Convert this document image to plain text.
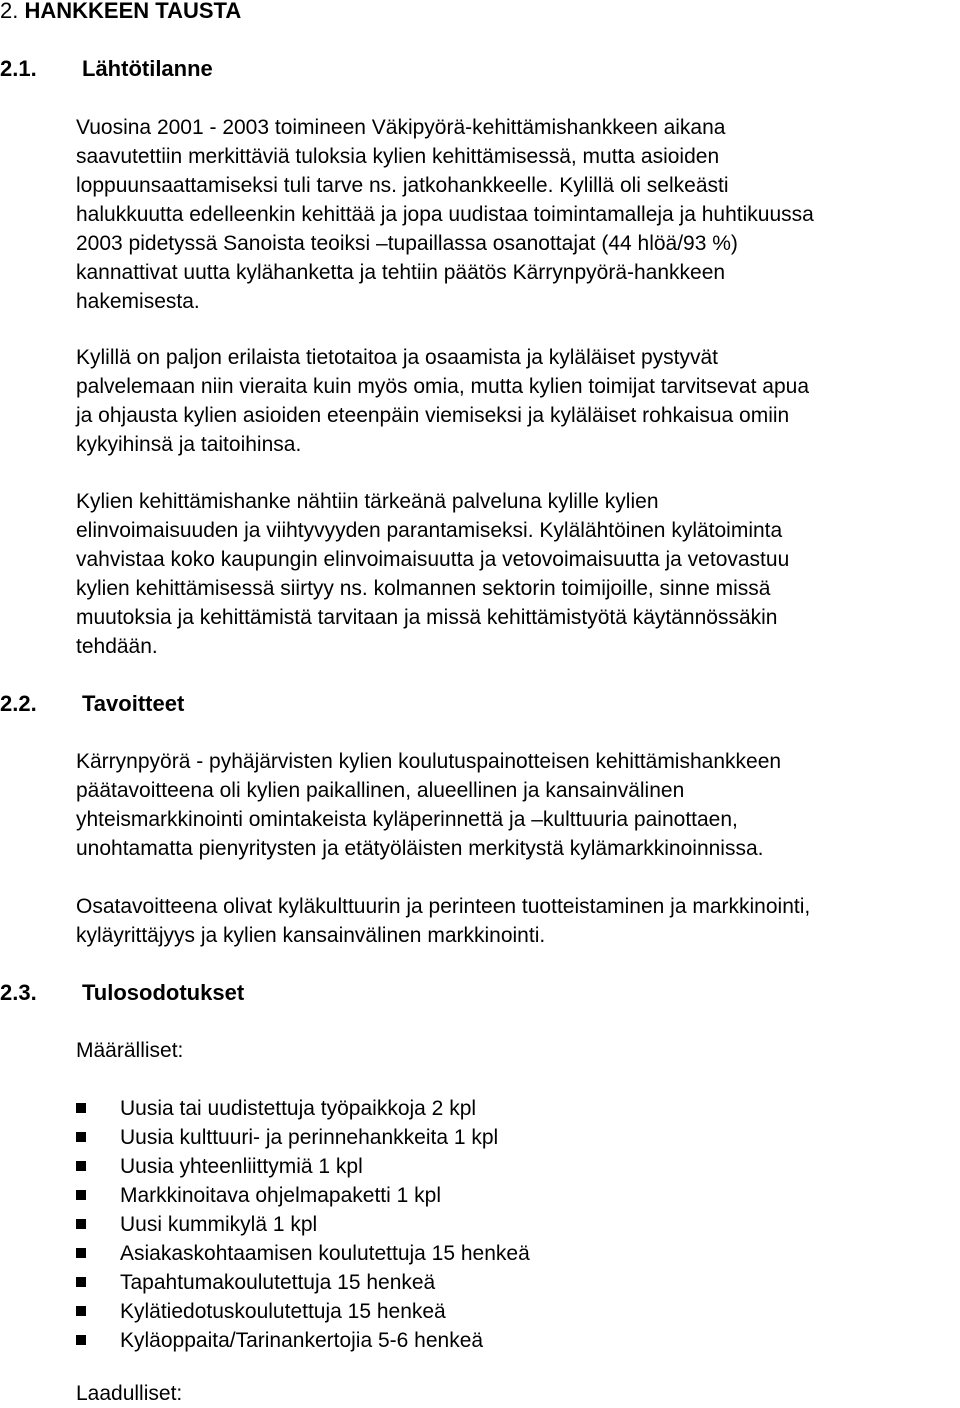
2. HANKKEEN TAUSTA
2.1. Lähtötilanne
Vuosina 2001 - 2003 toimineen Väkipyörä-kehittämishankkeen aikana
saavutettiin merkittäviä tuloksia kylien kehittämisessä, mutta asioiden
loppuunsaattamiseksi tuli tarve ns. jatkohankkeelle. Kylillä oli selkeästi
halukkuutta edelleenkin kehittää ja jopa uudistaa toimintamalleja ja huhtikuussa
2003 pidetyssä Sanoista teoiksi –tupaillassa osanottajat (44 hlöä/93 %)
kannattivat uutta kylähanketta ja tehtiin päätös Kärrynpyörä-hankkeen
hakemisesta.
Kylillä on paljon erilaista tietotaitoa ja osaamista ja kyläläiset pystyvät
palvelemaan niin vieraita kuin myös omia, mutta kylien toimijat tarvitsevat apua
ja ohjausta kylien asioiden eteenpäin viemiseksi ja kyläläiset rohkaisua omiin
kykyihinsä ja taitoihinsa.
Kylien kehittämishanke nähtiin tärkeänä palveluna kylille kylien
elinvoimaisuuden ja viihtyvyyden parantamiseksi. Kylälähtöinen kylätoiminta
vahvistaa koko kaupungin elinvoimaisuutta ja vetovoimaisuutta ja vetovastuu
kylien kehittämisessä siirtyy ns. kolmannen sektorin toimijoille, sinne missä
muutoksia ja kehittämistä tarvitaan ja missä kehittämistyötä käytännössäkin
tehdään.
2.2. Tavoitteet
Kärrynpyörä - pyhäjärvisten kylien koulutuspainotteisen kehittämishankkeen
päätavoitteena oli kylien paikallinen, alueellinen ja kansainvälinen
yhteismarkkinointi omintakeista kyläperinnettä ja –kulttuuria painottaen,
unohtamatta pienyritysten ja etätyöläisten merkitystä kylämarkkinoinnissa.
Osatavoitteena olivat kyläkulttuurin ja perinteen tuotteistaminen ja markkinointi,
kyläyrittäjyys ja kylien kansainvälinen markkinointi.
2.3. Tulosodotukset
Määrälliset:
Uusia tai uudistettuja työpaikkoja 2 kpl
Uusia kulttuuri- ja perinnehankkeita 1 kpl
Uusia yhteenliittymiä 1 kpl
Markkinoitava ohjelmapaketti 1 kpl
Uusi kummikylä 1 kpl
Asiakaskohtaamisen koulutettuja 15 henkeä
Tapahtumakoulutettuja 15 henkeä
Kylätiedotuskoulutettuja 15 henkeä
Kyläoppaita/Tarinankertojia 5-6 henkeä
Laadulliset:
